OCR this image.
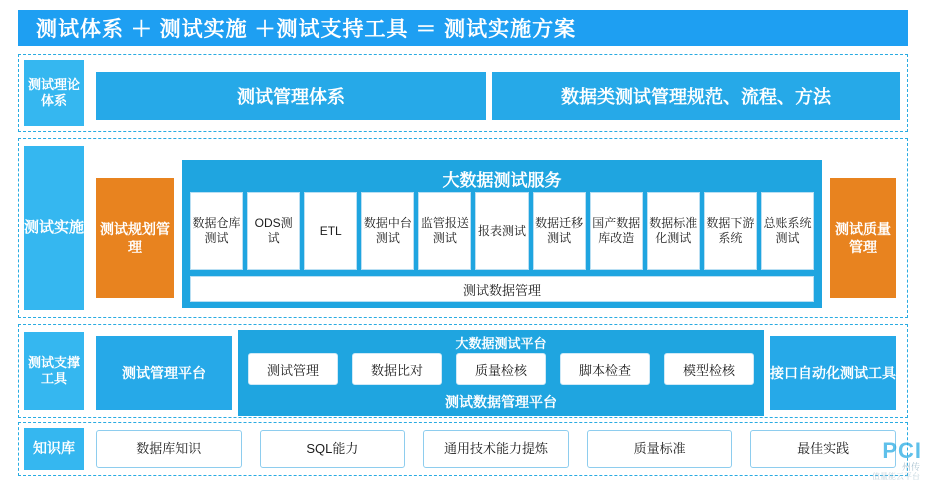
测试体系 ＋ 测试实施 ＋测试支持工具 ＝ 测试实施方案
测试理论体系	测试管理体系	数据类测试管理规范、流程、方法
测试实施 测试规划管理
测试质量管理
大数据测试服务
数据仓库测试
ODS测试
ETL
数据中台测试
监管报送测试
报表测试
数据迁移测试
国产数据库改造
数据标准化测试
数据下游系统
总账系统测试
测试数据管理
测试支撑工具	测试管理平台	接口自动化测试工具
大数据测试平台
测试管理	数据比对	质量检核	脚本检查	模型检核
测试数据管理平台
知识库	数据库知识	SQL能力	通用技术能力提炼	质量标准	最佳实践	PCI
州传
值量能云平台
